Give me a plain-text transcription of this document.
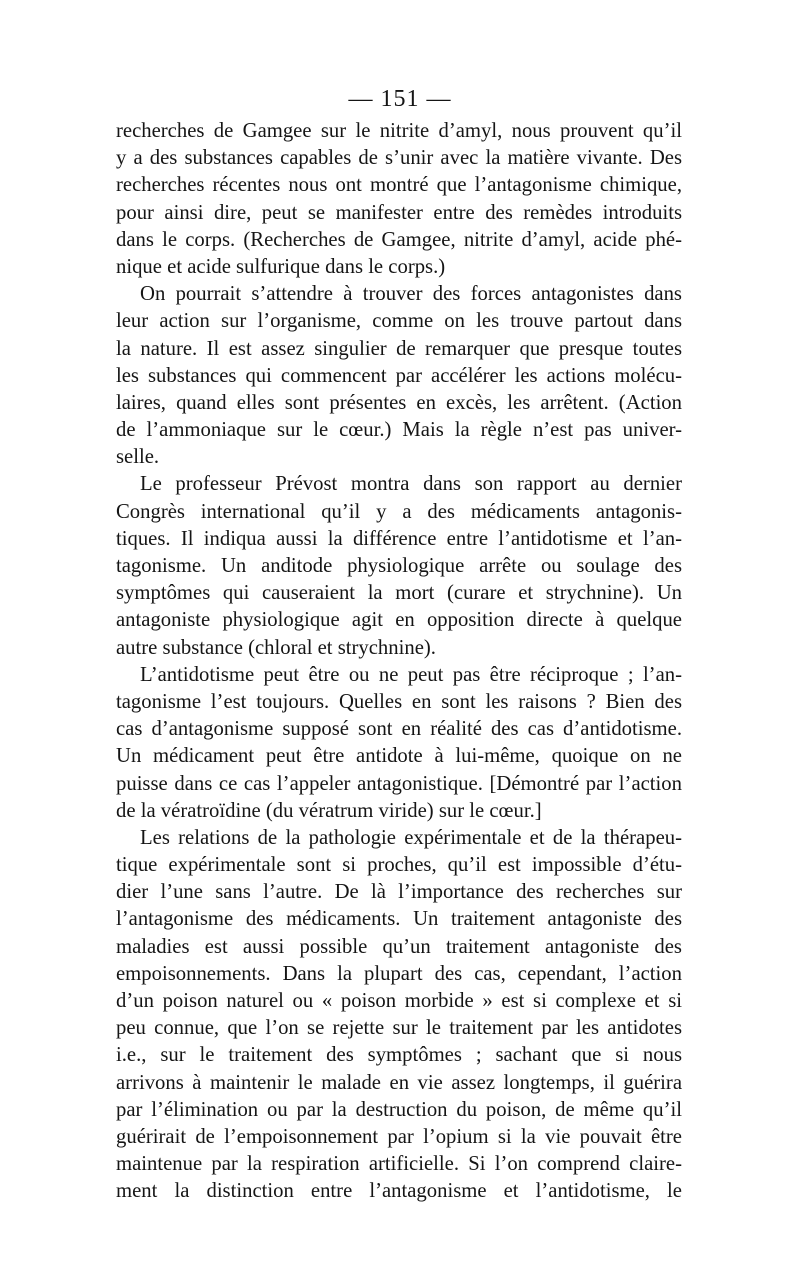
— 151 —
recherches de Gamgee sur le nitrite d’amyl, nous prouvent qu’il
y a des substances capables de s’unir avec la matière vivante. Des
recherches récentes nous ont montré que l’antagonisme chimique,
pour ainsi dire, peut se manifester entre des remèdes introduits
dans le corps. (Recherches de Gamgee, nitrite d’amyl, acide phé-
nique et acide sulfurique dans le corps.)
On pourrait s’attendre à trouver des forces antagonistes dans
leur action sur l’organisme, comme on les trouve partout dans
la nature. Il est assez singulier de remarquer que presque toutes
les substances qui commencent par accélérer les actions molécu-
laires, quand elles sont présentes en excès, les arrêtent. (Action
de l’ammoniaque sur le cœur.) Mais la règle n’est pas univer-
selle.
Le professeur Prévost montra dans son rapport au dernier
Congrès international qu’il y a des médicaments antagonis-
tiques. Il indiqua aussi la différence entre l’antidotisme et l’an-
tagonisme. Un anditode physiologique arrête ou soulage des
symptômes qui causeraient la mort (curare et strychnine). Un
antagoniste physiologique agit en opposition directe à quelque
autre substance (chloral et strychnine).
L’antidotisme peut être ou ne peut pas être réciproque ; l’an-
tagonisme l’est toujours. Quelles en sont les raisons ? Bien des
cas d’antagonisme supposé sont en réalité des cas d’antidotisme.
Un médicament peut être antidote à lui-même, quoique on ne
puisse dans ce cas l’appeler antagonistique. [Démontré par l’action
de la vératroïdine (du vératrum viride) sur le cœur.]
Les relations de la pathologie expérimentale et de la thérapeu-
tique expérimentale sont si proches, qu’il est impossible d’étu-
dier l’une sans l’autre. De là l’importance des recherches sur
l’antagonisme des médicaments. Un traitement antagoniste des
maladies est aussi possible qu’un traitement antagoniste des
empoisonnements. Dans la plupart des cas, cependant, l’action
d’un poison naturel ou « poison morbide » est si complexe et si
peu connue, que l’on se rejette sur le traitement par les antidotes
i.e., sur le traitement des symptômes ; sachant que si nous
arrivons à maintenir le malade en vie assez longtemps, il guérira
par l’élimination ou par la destruction du poison, de même qu’il
guérirait de l’empoisonnement par l’opium si la vie pouvait être
maintenue par la respiration artificielle. Si l’on comprend claire-
ment la distinction entre l’antagonisme et l’antidotisme, le
